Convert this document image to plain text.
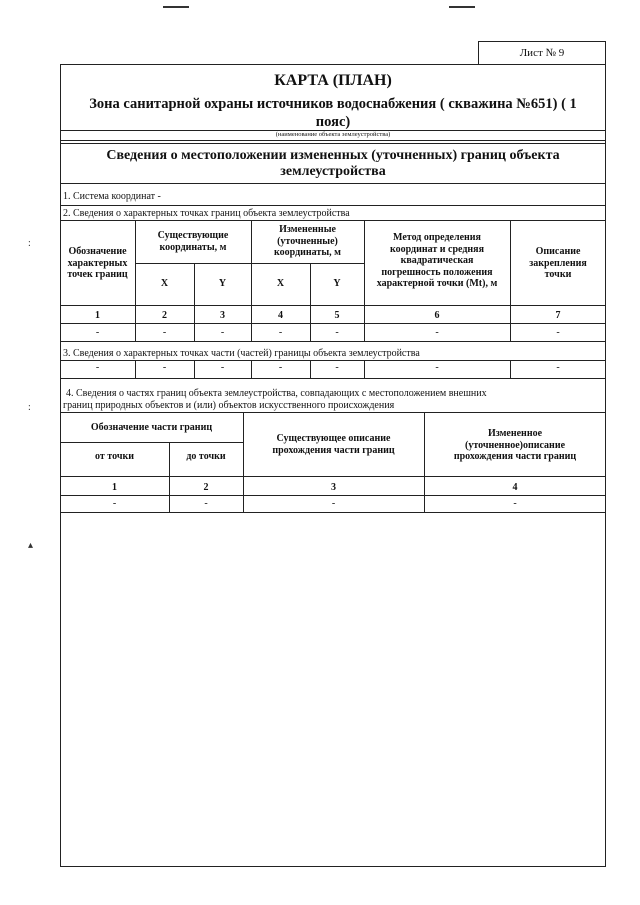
:
:
▴
Лист № 9
КАРТА (ПЛАН)
Зона санитарной охраны источников водоснабжения ( скважина №651) ( 1
пояс)
(наименование объекта землеустройства)
Сведения о местоположении измененных (уточненных) границ объекта
землеустройства
1. Система координат -
2. Сведения о характерных точках границ объекта землеустройства
Обозначение
характерных
точек границ
Существующие
координаты, м
Измененные
(уточненные)
координаты, м
Метод определения
координат и средняя
квадратическая
погрешность положения
характерной точки (Mt), м
Описание
закрепления
точки
X	Y	X	Y
1	2	3	4	5	6	7
-	-	-	-	-	-	-
3. Сведения о характерных точках части (частей) границы объекта землеустройства
-	-	-	-	-	-	-
4. Сведения о частях границ объекта землеустройства, совпадающих с местоположением внешних
границ природных объектов и (или) объектов искусственного происхождения
Обозначение части границ
от точки	до точки
Существующее описание
прохождения части границ
Измененное
(уточненное)описание
прохождения части границ
1	2	3	4
-	-	-	-
